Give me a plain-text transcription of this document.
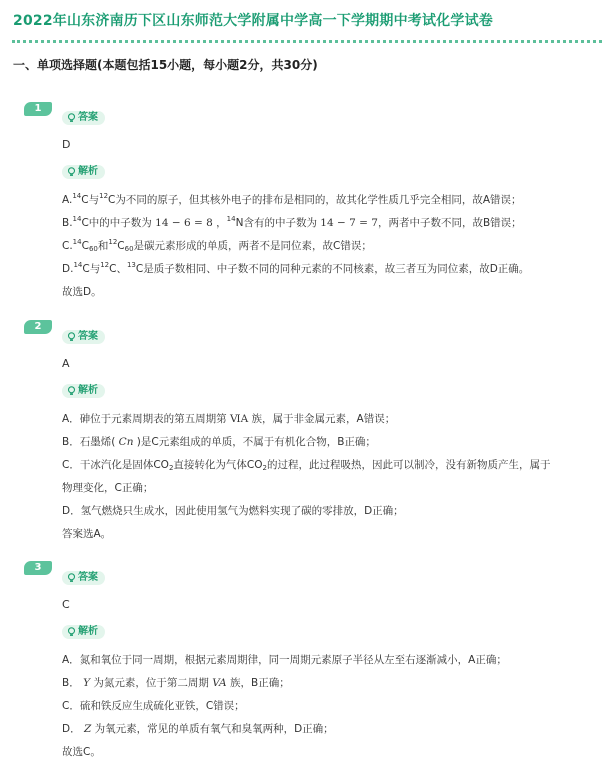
2022年山东济南历下区山东师范大学附属中学高一下学期期中考试化学试卷
一、单项选择题(本题包括15小题，每小题2分，共30分)
1
答案
D
解析
A.$^{14}$C与$^{12}$C为不同的原子，但其核外电子的排布是相同的，故其化学性质几乎完全相同，故A错误；
B.$^{14}$C中的中子数为 14 − 6 = 8 ，$^{14}$N含有的中子数为 14 − 7 = 7，两者中子数不同，故B错误；
$C.^{14}C_{60}$和$^{12}C_{60}$是碳元素形成的单质，两者不是同位素，故C错误；
D.$^{14}$C与$^{12}$C、$^{13}$C是质子数相同、中子数不同的同种元素的不同核素，故三者互为同位素，故D正确。
故选D。
2
答案
A
解析
A．砷位于元素周期表的第五周期第 ⅥA 族，属于非金属元素，A错误；
B．石墨烯( Cn )是C元素组成的单质，不属于有机化合物，B正确；
C．干冰汽化是固体$CO_2$直接转化为气体$CO_2$的过程，此过程吸热，因此可以制冷，没有新物质产生，属于
物理变化，C正确；
D．氢气燃烧只生成水，因此使用氢气为燃料实现了碳的零排放，D正确；
答案选A。
3
答案
C
解析
A．氮和氧位于同一周期，根据元素周期律，同一周期元素原子半径从左至右逐渐减小，A正确；
B． Y 为氮元素，位于第二周期 VA 族，B正确；
C．硫和铁反应生成硫化亚铁，C错误；
D． Z 为氧元素，常见的单质有氧气和臭氧两种，D正确；
故选C。
